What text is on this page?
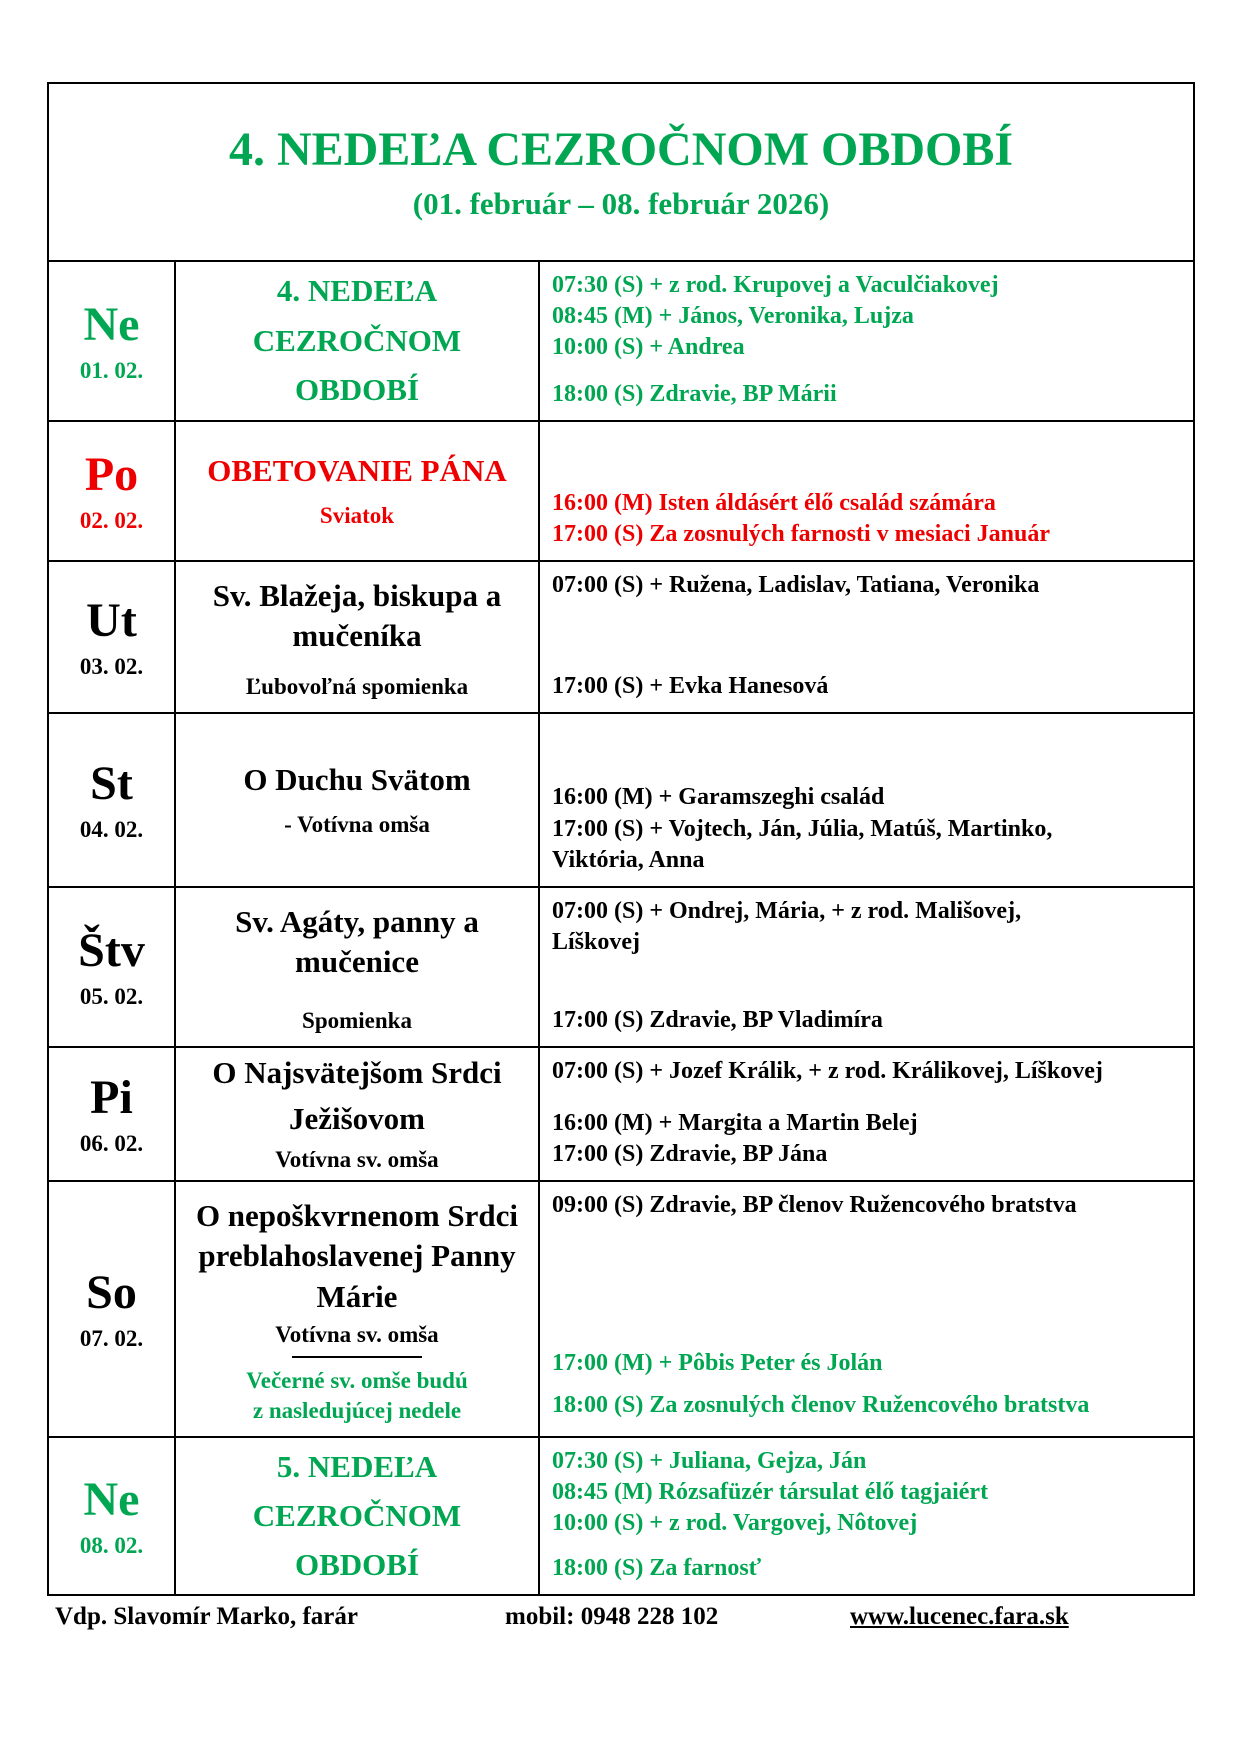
4. NEDEĽA CEZROČNOM OBDOBÍ
(01. február – 08. február 2026)
Ne
01. 02.
4. NEDEĽA
CEZROČNOM
OBDOBÍ
07:30 (S) + z rod. Krupovej a Vaculčiakovej
08:45 (M) + János, Veronika, Lujza
10:00 (S) + Andrea
18:00 (S) Zdravie, BP Márii
Po
02. 02.
OBETOVANIE PÁNA
Sviatok
16:00 (M) Isten áldásért élő család számára
17:00 (S) Za zosnulých farnosti v mesiaci Január
Ut
03. 02.
Sv. Blažeja, biskupa a
mučeníka
Ľubovoľná spomienka
07:00 (S) + Ružena, Ladislav, Tatiana, Veronika
17:00 (S) + Evka Hanesová
St
04. 02.
O Duchu Svätom
- Votívna omša
16:00 (M) + Garamszeghi család
17:00 (S) + Vojtech, Ján, Júlia, Matúš, Martinko,
Viktória, Anna
Štv
05. 02.
Sv. Agáty, panny a
mučenice
Spomienka
07:00 (S) + Ondrej, Mária, + z rod. Mališovej,
Líškovej
17:00 (S) Zdravie, BP Vladimíra
Pi
06. 02.
O Najsvätejšom Srdci
Ježišovom
Votívna sv. omša
07:00 (S) + Jozef Králik, + z rod. Králikovej, Líškovej
16:00 (M) + Margita a Martin Belej
17:00 (S) Zdravie, BP Jána
So
07. 02.
O nepoškvrnenom Srdci
preblahoslavenej Panny
Márie
Votívna sv. omša
Večerné sv. omše budú
z nasledujúcej nedele
09:00 (S) Zdravie, BP členov Ružencového bratstva
17:00 (M) + Pôbis Peter és Jolán
18:00 (S) Za zosnulých členov Ružencového bratstva
Ne
08. 02.
5. NEDEĽA
CEZROČNOM
OBDOBÍ
07:30 (S) + Juliana, Gejza, Ján
08:45 (M) Rózsafüzér társulat élő tagjaiért
10:00 (S) + z rod. Vargovej, Nôtovej
18:00 (S) Za farnosť
Vdp. Slavomír Marko, farár	mobil: 0948 228 102	www.lucenec.fara.sk
